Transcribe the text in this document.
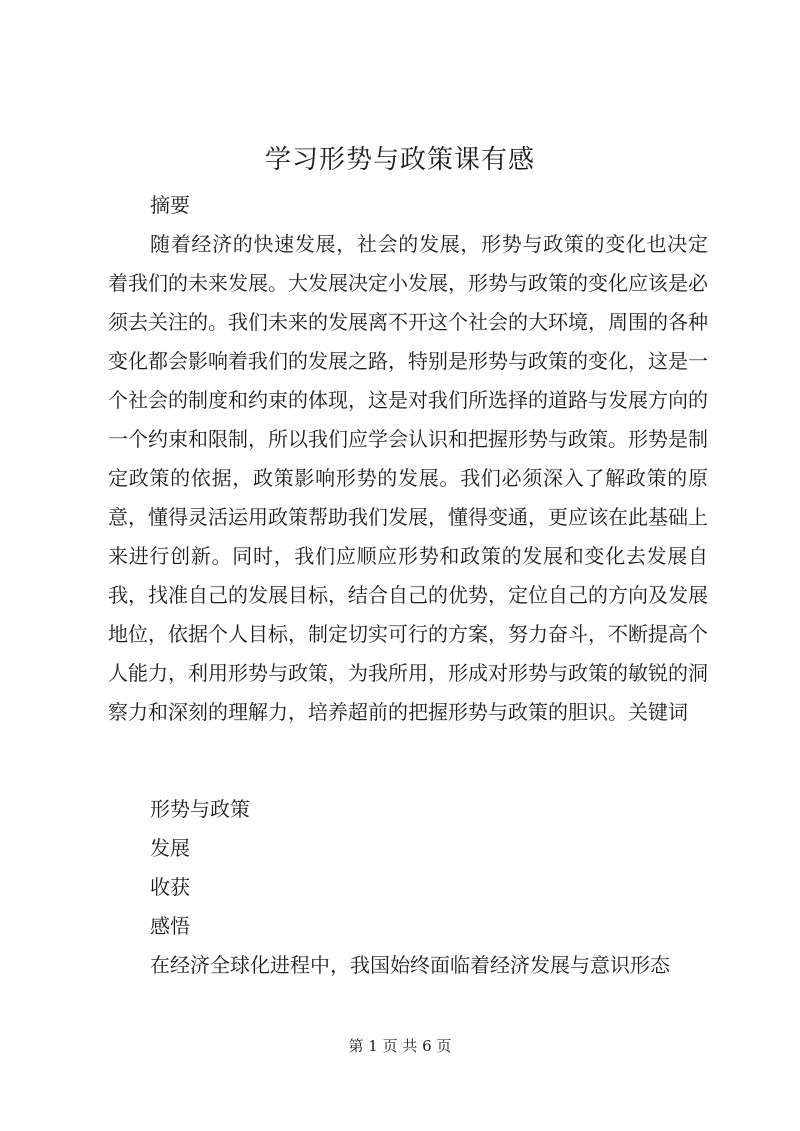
学习形势与政策课有感
摘要
随着经济的快速发展，社会的发展，形势与政策的变化也决定着我们的未来发展。大发展决定小发展，形势与政策的变化应该是必须去关注的。我们未来的发展离不开这个社会的大环境，周围的各种变化都会影响着我们的发展之路，特别是形势与政策的变化，这是一个社会的制度和约束的体现，这是对我们所选择的道路与发展方向的一个约束和限制，所以我们应学会认识和把握形势与政策。形势是制定政策的依据，政策影响形势的发展。我们必须深入了解政策的原意，懂得灵活运用政策帮助我们发展，懂得变通，更应该在此基础上来进行创新。同时，我们应顺应形势和政策的发展和变化去发展自我，找准自己的发展目标，结合自己的优势，定位自己的方向及发展地位，依据个人目标，制定切实可行的方案，努力奋斗，不断提高个人能力，利用形势与政策，为我所用，形成对形势与政策的敏锐的洞察力和深刻的理解力，培养超前的把握形势与政策的胆识。关键词
形势与政策
发展
收获
感悟
在经济全球化进程中，我国始终面临着经济发展与意识形态
第 1 页 共 6 页
